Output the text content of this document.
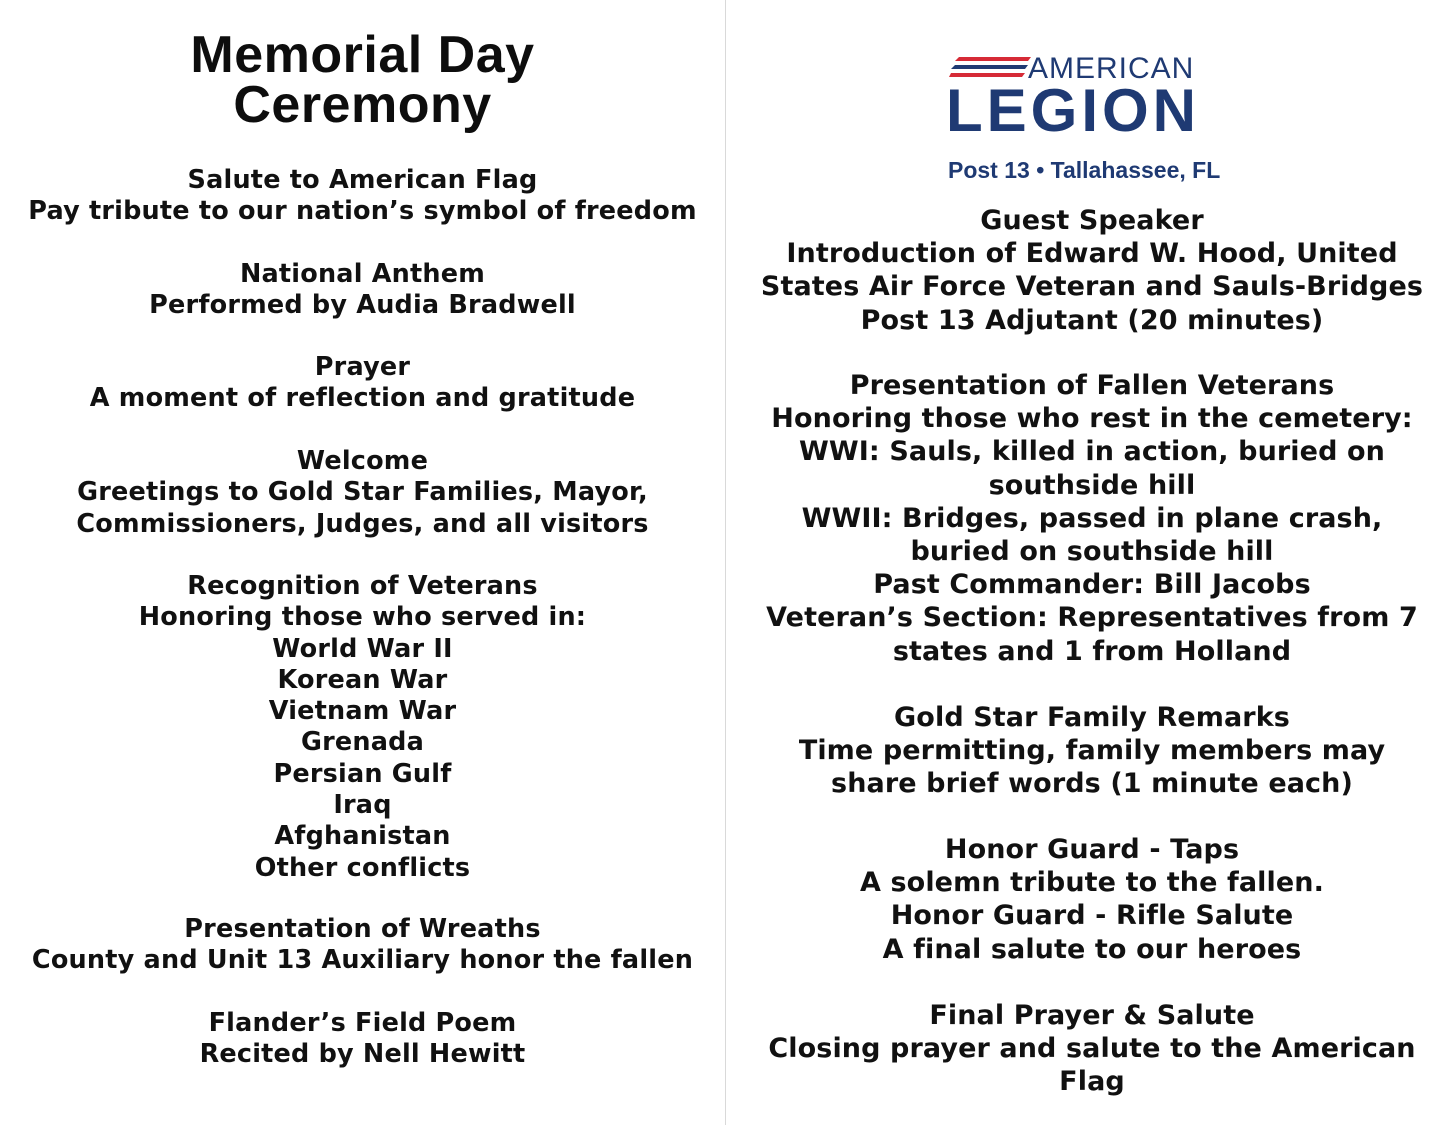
Memorial Day
Ceremony
Salute to American Flag
Pay tribute to our nation’s symbol of freedom
National Anthem
Performed by Audia Bradwell
Prayer
A moment of reflection and gratitude
Welcome
Greetings to Gold Star Families, Mayor,
Commissioners, Judges, and all visitors
Recognition of Veterans
Honoring those who served in:
World War II
Korean War
Vietnam War
Grenada
Persian Gulf
Iraq
Afghanistan
Other conflicts
Presentation of Wreaths
County and Unit 13 Auxiliary honor the fallen
Flander’s Field Poem
Recited by Nell Hewitt
AMERICAN
LEGION
Post 13 • Tallahassee, FL
Guest Speaker
Introduction of Edward W. Hood, United
States Air Force Veteran and Sauls-Bridges
Post 13 Adjutant (20 minutes)
Presentation of Fallen Veterans
Honoring those who rest in the cemetery:
WWI: Sauls, killed in action, buried on
southside hill
WWII: Bridges, passed in plane crash,
buried on southside hill
Past Commander: Bill Jacobs
Veteran’s Section: Representatives from 7
states and 1 from Holland
Gold Star Family Remarks
Time permitting, family members may
share brief words (1 minute each)
Honor Guard - Taps
A solemn tribute to the fallen.
Honor Guard - Rifle Salute
A final salute to our heroes
Final Prayer & Salute
Closing prayer and salute to the American
Flag
